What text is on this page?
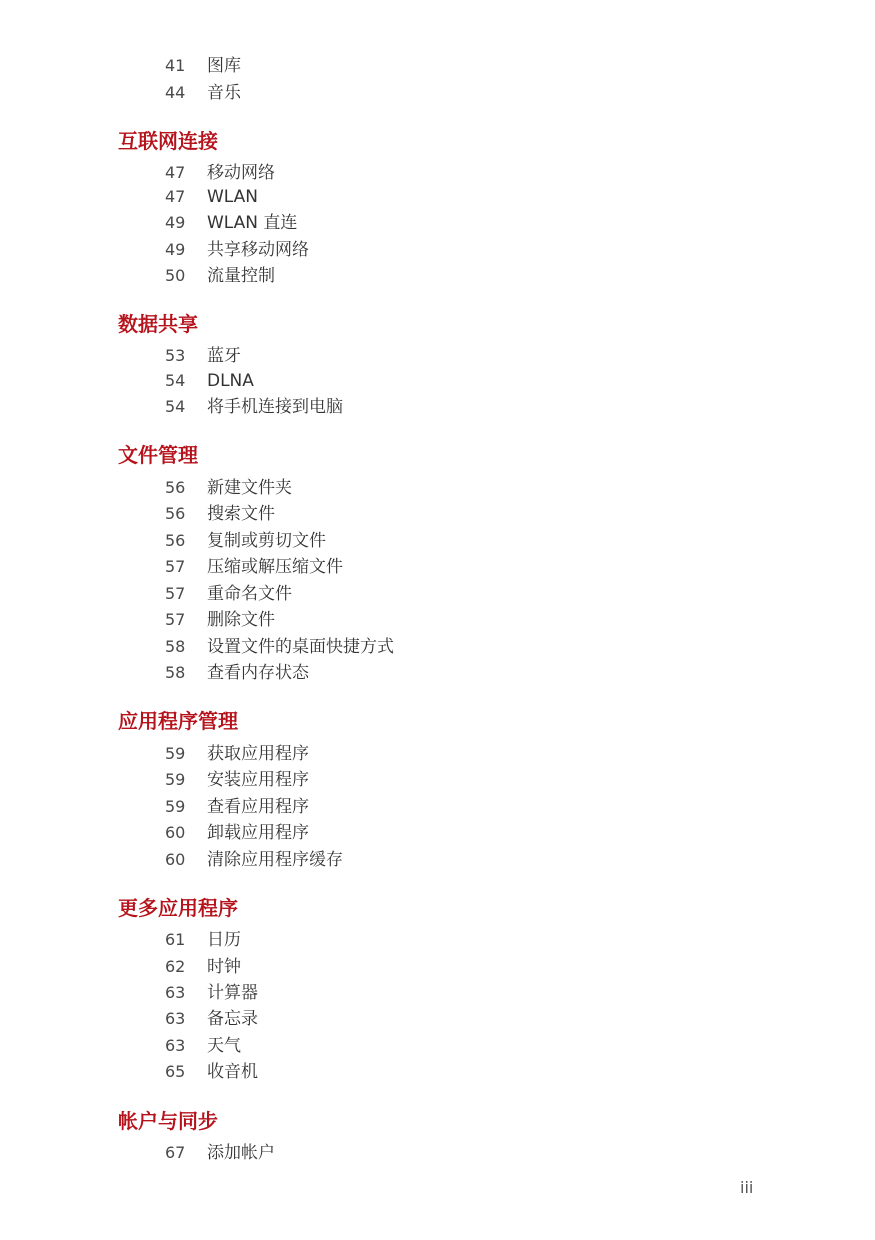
41	图库
44	音乐
互联网连接
47	移动网络
47	WLAN
49	WLAN 直连
49	共享移动网络
50	流量控制
数据共享
53	蓝牙
54	DLNA
54	将手机连接到电脑
文件管理
56	新建文件夹
56	搜索文件
56	复制或剪切文件
57	压缩或解压缩文件
57	重命名文件
57	删除文件
58	设置文件的桌面快捷方式
58	查看内存状态
应用程序管理
59	获取应用程序
59	安装应用程序
59	查看应用程序
60	卸载应用程序
60	清除应用程序缓存
更多应用程序
61	日历
62	时钟
63	计算器
63	备忘录
63	天气
65	收音机
帐户与同步
67	添加帐户
iii
